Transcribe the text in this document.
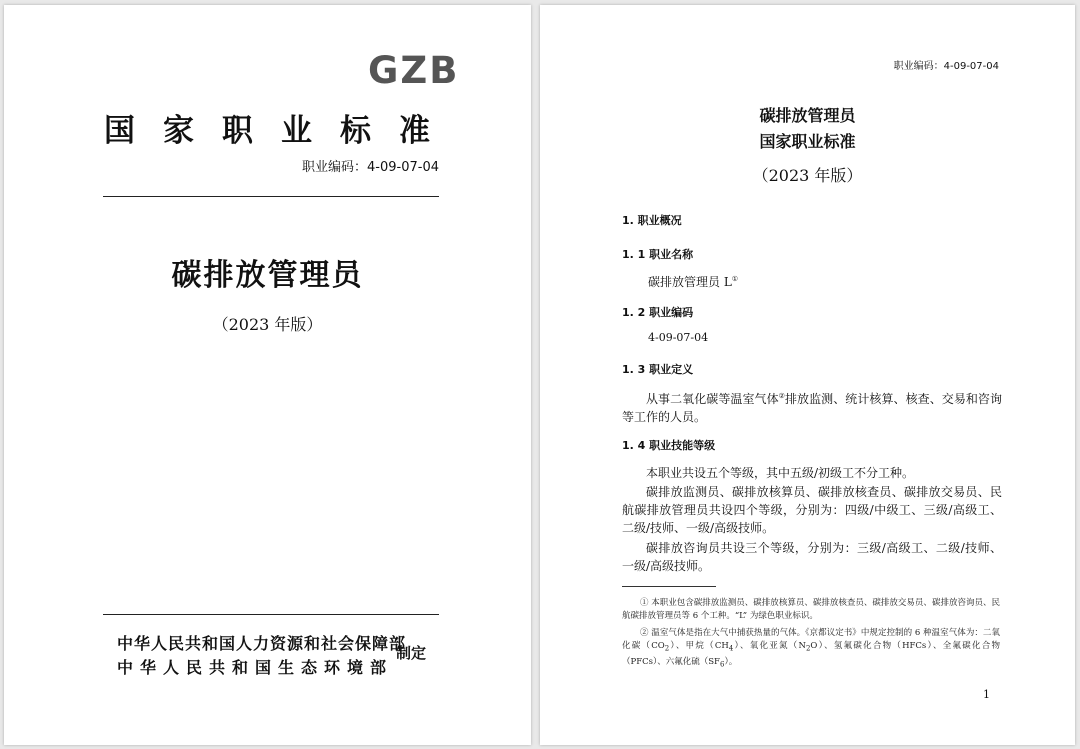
GZB
国家职业标准
职业编码：4-09-07-04
碳排放管理员
（2023 年版）
中华人民共和国人力资源和社会保障部
中华人民共和国生态环境部
制定
职业编码：4-09-07-04
碳排放管理员
国家职业标准
（2023 年版）
1. 职业概况
1. 1 职业名称
碳排放管理员 L①
1. 2 职业编码
4-09-07-04
1. 3 职业定义
从事二氧化碳等温室气体②排放监测、统计核算、核查、交易和咨询等工作的人员。
1. 4 职业技能等级
本职业共设五个等级，其中五级/初级工不分工种。
碳排放监测员、碳排放核算员、碳排放核查员、碳排放交易员、民航碳排放管理员共设四个等级，分别为：四级/中级工、三级/高级工、二级/技师、一级/高级技师。
碳排放咨询员共设三个等级，分别为：三级/高级工、二级/技师、一级/高级技师。
① 本职业包含碳排放监测员、碳排放核算员、碳排放核查员、碳排放交易员、碳排放咨询员、民航碳排放管理员等 6 个工种。“L” 为绿色职业标识。
② 温室气体是指在大气中捕获热量的气体。《京都议定书》中规定控制的 6 种温室气体为：二氧化碳$(CO_2)$、甲烷$(CH_4)$、氧化亚氮$(N_2O)$、氢氟碳化合物（HFCs）、全氟碳化合物（PFCs）、六氟化硫$(SF_6)$。
1
